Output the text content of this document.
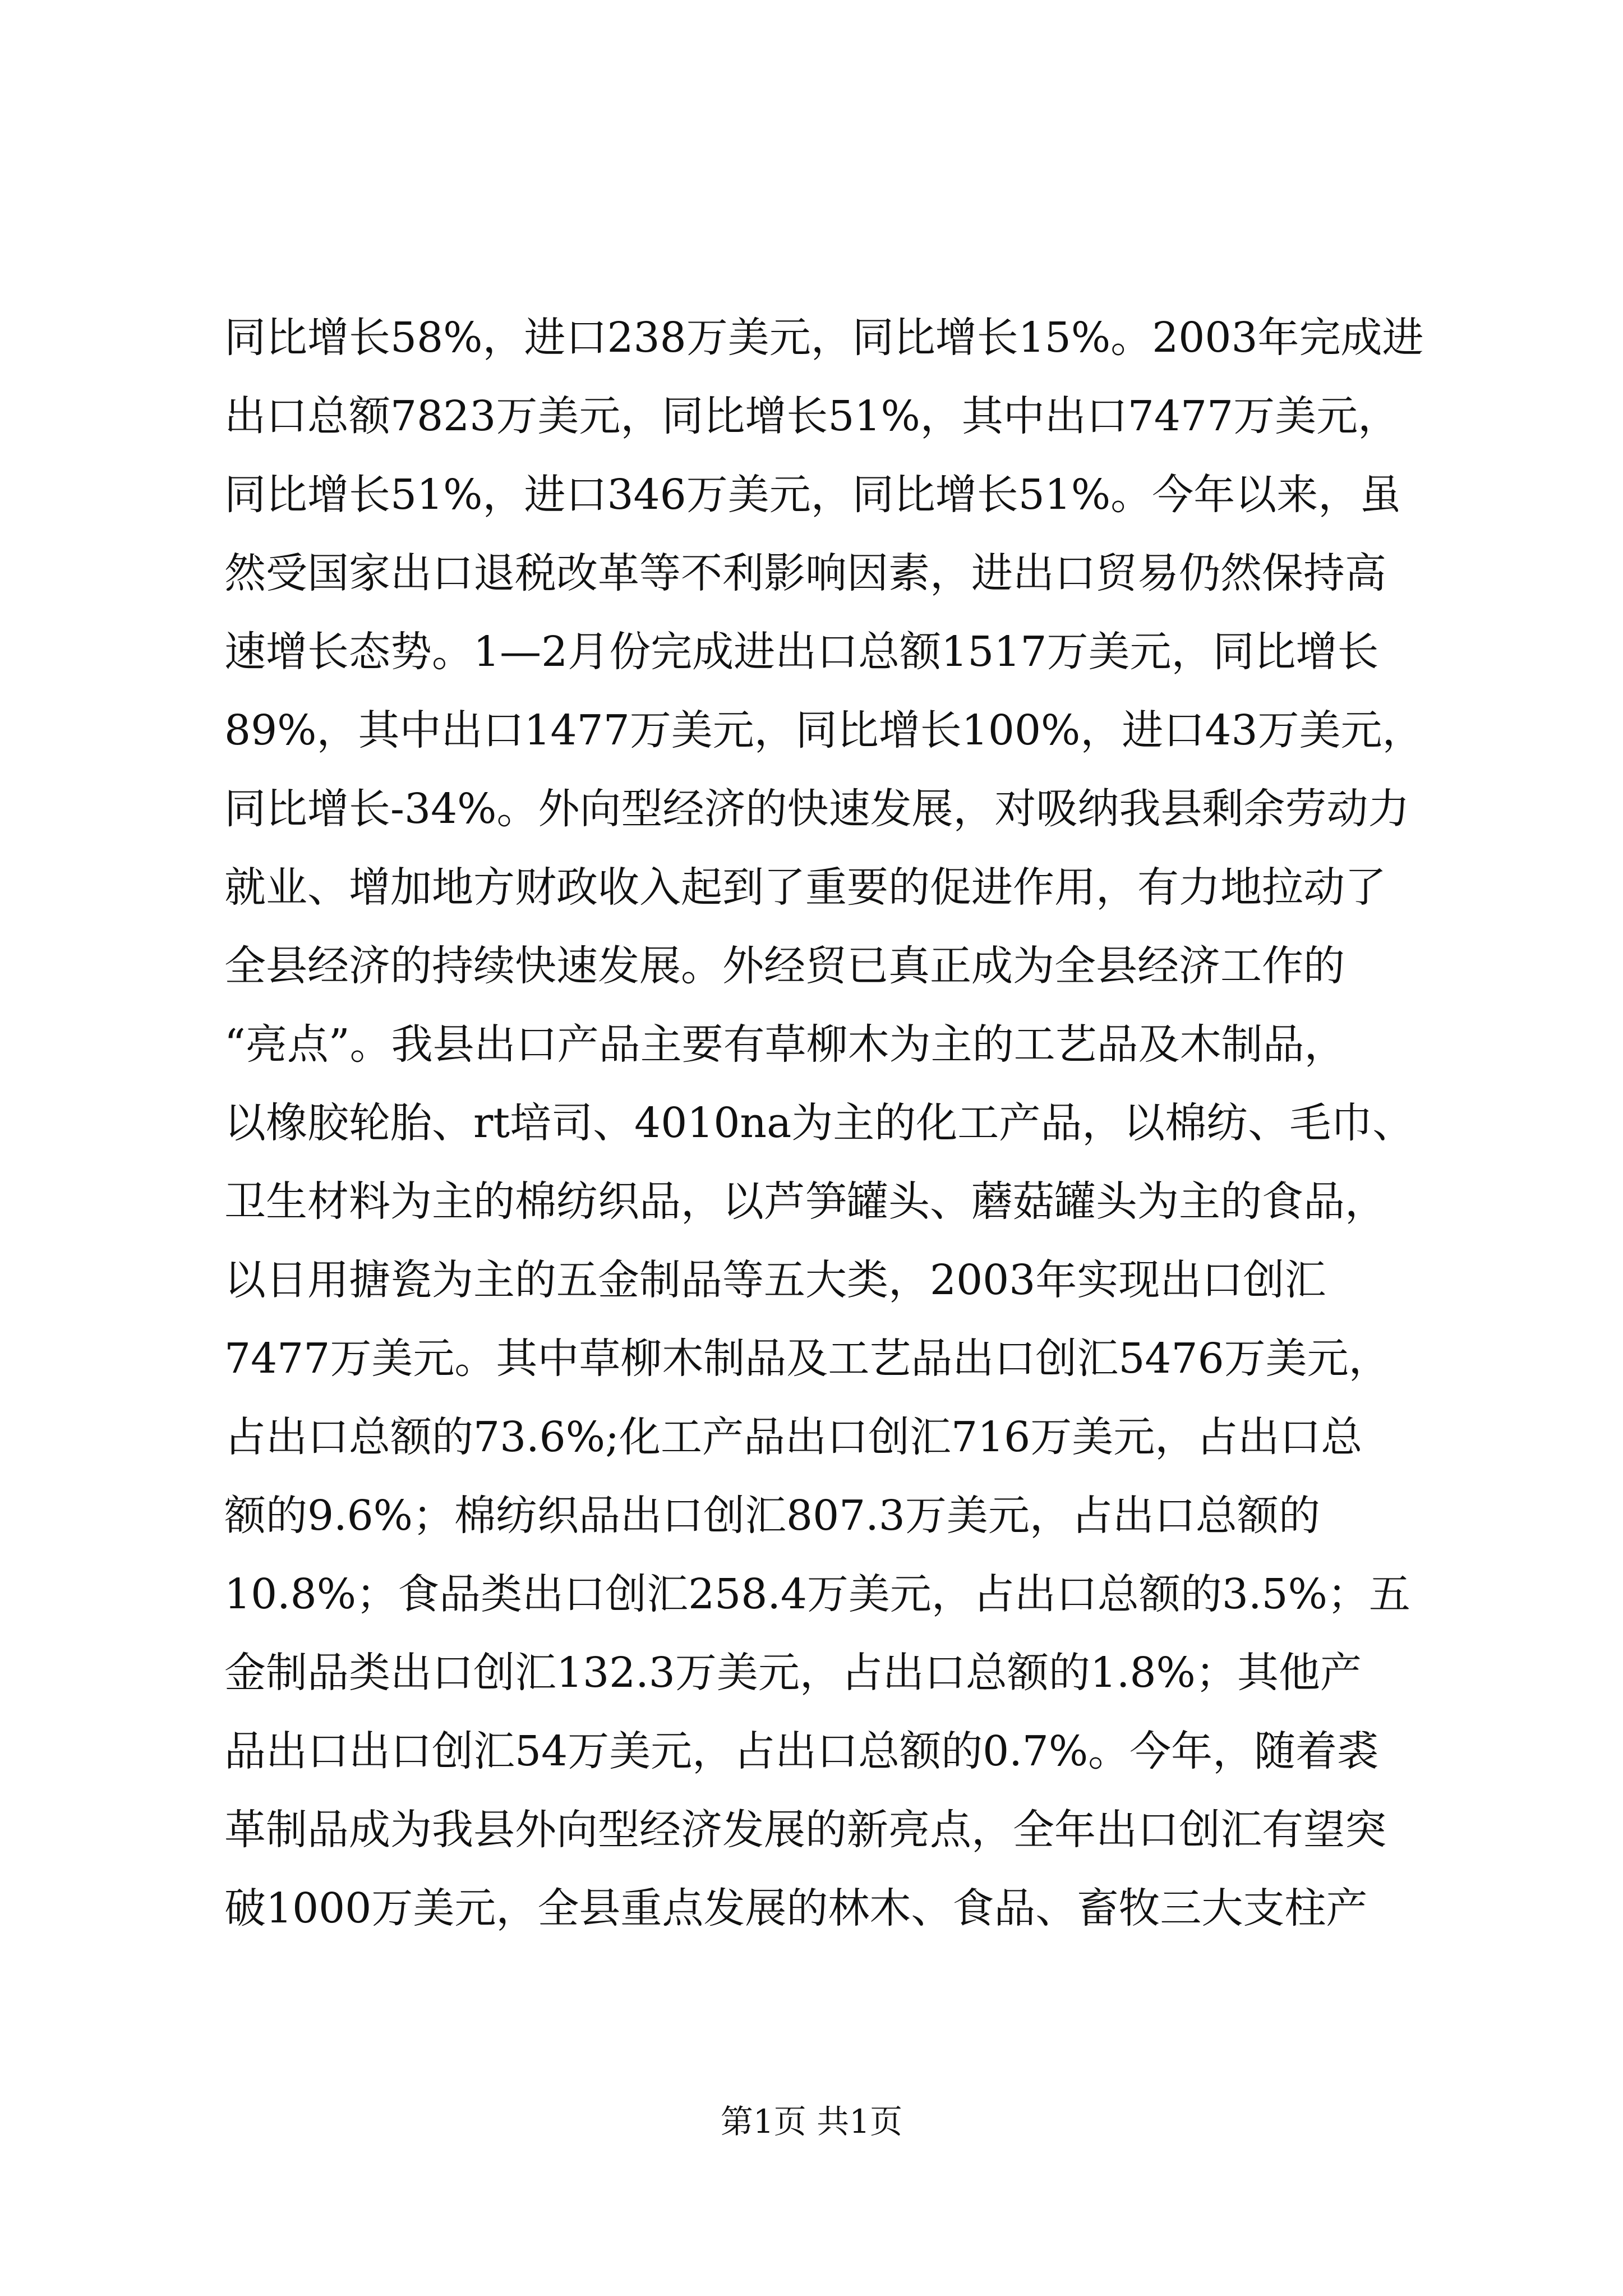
同比增长58%，进口238万美元，同比增长15%。2003年完成进
出口总额7823万美元，同比增长51%，其中出口7477万美元，
同比增长51%，进口346万美元，同比增长51%。今年以来，虽
然受国家出口退税改革等不利影响因素，进出口贸易仍然保持高
速增长态势。1—2月份完成进出口总额1517万美元，同比增长
89%，其中出口1477万美元，同比增长100%，进口43万美元，
同比增长-34%。外向型经济的快速发展，对吸纳我县剩余劳动力
就业、增加地方财政收入起到了重要的促进作用，有力地拉动了
全县经济的持续快速发展。外经贸已真正成为全县经济工作的
“亮点”。我县出口产品主要有草柳木为主的工艺品及木制品，
以橡胶轮胎、rt培司、4010na为主的化工产品，以棉纺、毛巾、
卫生材料为主的棉纺织品，以芦笋罐头、蘑菇罐头为主的食品，
以日用搪瓷为主的五金制品等五大类，2003年实现出口创汇
7477万美元。其中草柳木制品及工艺品出口创汇5476万美元，
占出口总额的73.6%;化工产品出口创汇716万美元，占出口总
额的9.6%；棉纺织品出口创汇807.3万美元，占出口总额的
10.8%；食品类出口创汇258.4万美元，占出口总额的3.5%；五
金制品类出口创汇132.3万美元，占出口总额的1.8%；其他产
品出口出口创汇54万美元，占出口总额的0.7%。今年，随着裘
革制品成为我县外向型经济发展的新亮点，全年出口创汇有望突
破1000万美元，全县重点发展的林木、食品、畜牧三大支柱产
第1页 共1页
